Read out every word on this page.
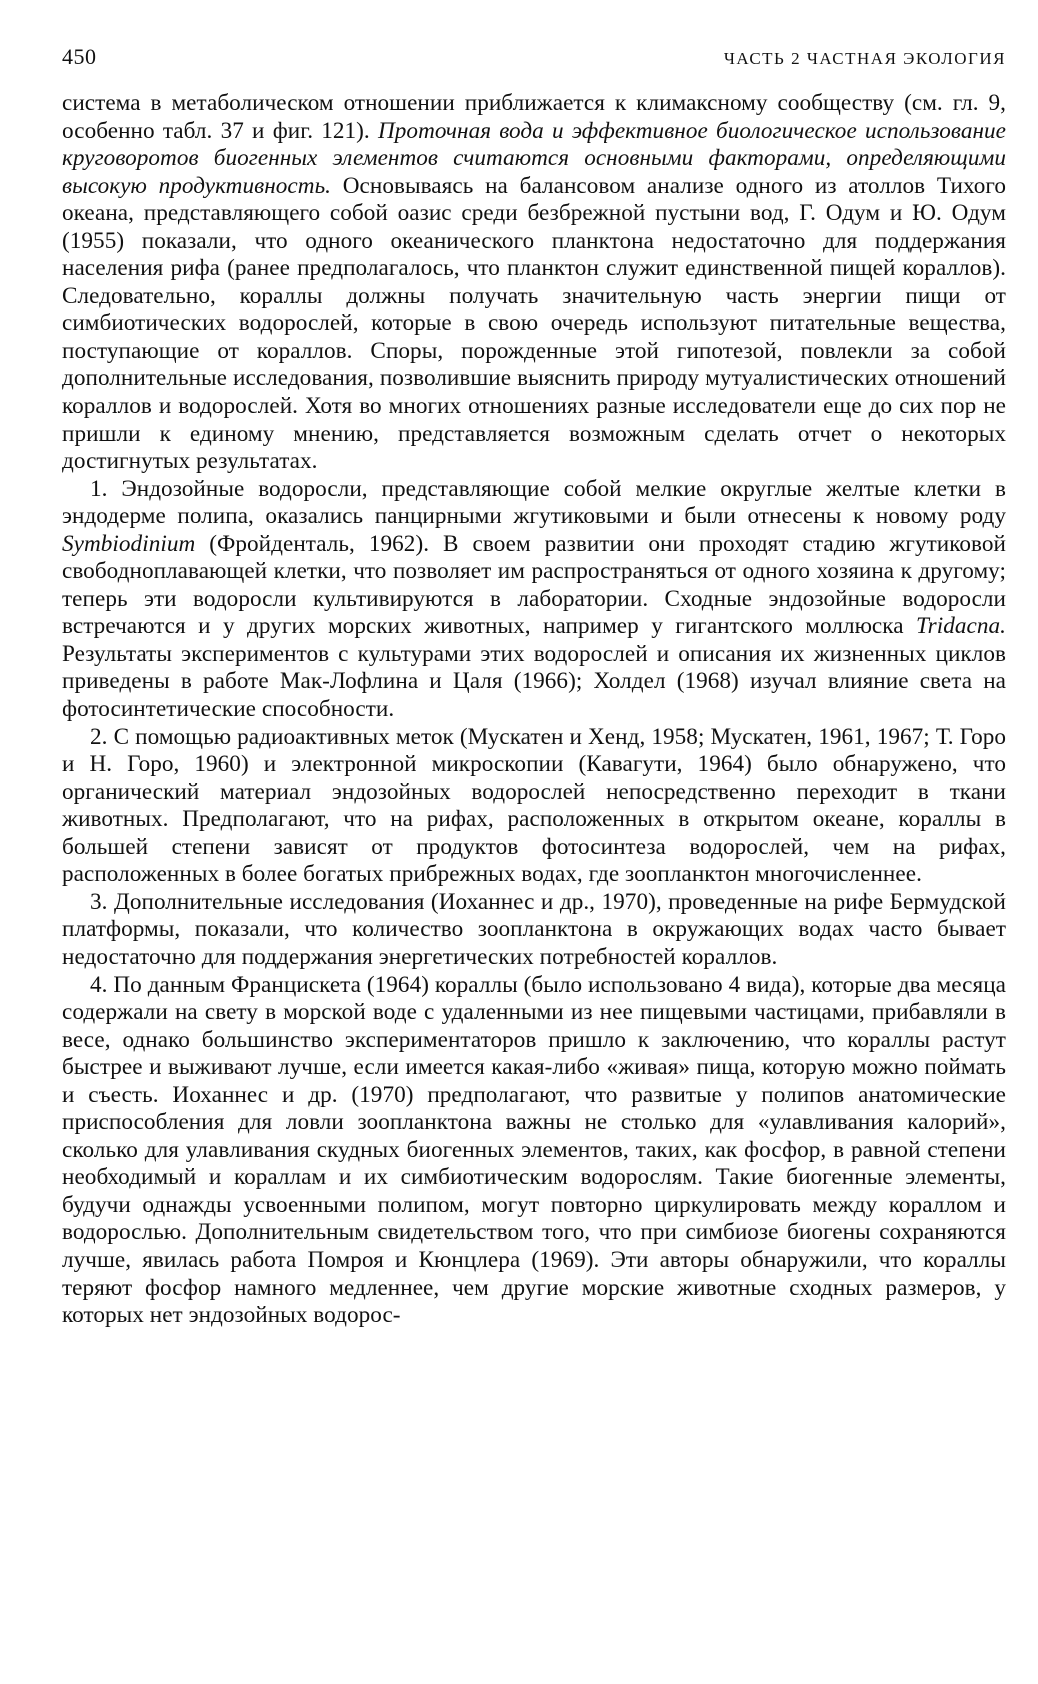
450	ЧАСТЬ 2 ЧАСТНАЯ ЭКОЛОГИЯ

система в метаболическом отношении приближается к климаксному сообществу (см. гл. 9, особенно табл. 37 и фиг. 121). Проточная вода и эффективное биологическое использование круговоротов биогенных элементов считаются основными факторами, определяющими высокую продуктивность. Основываясь на балансовом анализе одного из атоллов Тихого океана, представляющего собой оазис среди безбрежной пустыни вод, Г. Одум и Ю. Одум (1955) показали, что одного океанического планктона недостаточно для поддержания населения рифа (ранее предполагалось, что планктон служит единственной пищей кораллов). Следовательно, кораллы должны получать значительную часть энергии пищи от симбиотических водорослей, которые в свою очередь используют питательные вещества, поступающие от кораллов. Споры, порожденные этой гипотезой, повлекли за собой дополнительные исследования, позволившие выяснить природу мутуалистических отношений кораллов и водорослей. Хотя во многих отношениях разные исследователи еще до сих пор не пришли к единому мнению, представляется возможным сделать отчет о некоторых достигнутых результатах.

1. Эндозойные водоросли, представляющие собой мелкие округлые желтые клетки в эндодерме полипа, оказались панцирными жгутиковыми и были отнесены к новому роду Symbiodinium (Фройденталь, 1962). В своем развитии они проходят стадию жгутиковой свободноплавающей клетки, что позволяет им распространяться от одного хозяина к другому; теперь эти водоросли культивируются в лаборатории. Сходные эндозойные водоросли встречаются и у других морских животных, например у гигантского моллюска Tridacna. Результаты экспериментов с культурами этих водорослей и описания их жизненных циклов приведены в работе Мак-Лофлина и Цаля (1966); Холдел (1968) изучал влияние света на фотосинтетические способности.

2. С помощью радиоактивных меток (Мускатен и Хенд, 1958; Мускатен, 1961, 1967; Т. Горо и Н. Горо, 1960) и электронной микроскопии (Кавагути, 1964) было обнаружено, что органический материал эндозойных водорослей непосредственно переходит в ткани животных. Предполагают, что на рифах, расположенных в открытом океане, кораллы в большей степени зависят от продуктов фотосинтеза водорослей, чем на рифах, расположенных в более богатых прибрежных водах, где зоопланктон многочисленнее.

3. Дополнительные исследования (Иоханнес и др., 1970), проведенные на рифе Бермудской платформы, показали, что количество зоопланктона в окружающих водах часто бывает недостаточно для поддержания энергетических потребностей кораллов.

4. По данным Францискета (1964) кораллы (было использовано 4 вида), которые два месяца содержали на свету в морской воде с удаленными из нее пищевыми частицами, прибавляли в весе, однако большинство экспериментаторов пришло к заключению, что кораллы растут быстрее и выживают лучше, если имеется какая-либо «живая» пища, которую можно поймать и съесть. Иоханнес и др. (1970) предполагают, что развитые у полипов анатомические приспособления для ловли зоопланктона важны не столько для «улавливания калорий», сколько для улавливания скудных биогенных элементов, таких, как фосфор, в равной степени необходимый и кораллам и их симбиотическим водорослям. Такие биогенные элементы, будучи однажды усвоенными полипом, могут повторно циркулировать между кораллом и водорослью. Дополнительным свидетельством того, что при симбиозе биогены сохраняются лучше, явилась работа Помроя и Кюнцлера (1969). Эти авторы обнаружили, что кораллы теряют фосфор намного медленнее, чем другие морские животные сходных размеров, у которых нет эндозойных водорос-
